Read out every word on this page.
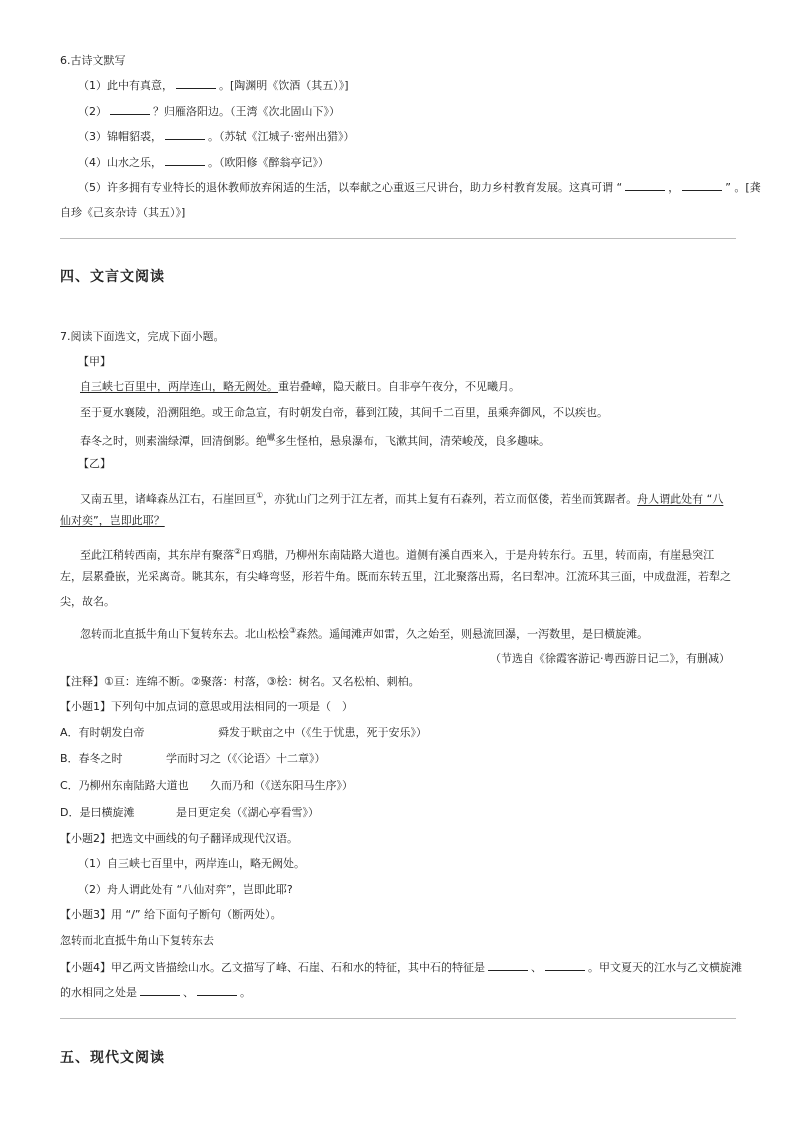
6.古诗文默写
（1）此中有真意，	。[陶渊明《饮酒（其五）》]
（2）	？归雁洛阳边。（王湾《次北固山下》）
（3）锦帽貂裘，	。（苏轼《江城子·密州出猎》）
（4）山水之乐，	。（欧阳修《醉翁亭记》）
（5）许多拥有专业特长的退休教师放弃闲适的生活，以奉献之心重返三尺讲台，助力乡村教育发展。这真可谓 “	，	” 。[龚
自珍《己亥杂诗（其五）》]
四、文言文阅读
7.阅读下面选文，完成下面小题。
【甲】
自三峡七百里中，两岸连山，略无阙处。重岩叠嶂，隐天蔽日。自非亭午夜分，不见曦月。
至于夏水襄陵，沿溯阻绝。或王命急宣，有时朝发白帝，暮到江陵，其间千二百里，虽乘奔御风，不以疾也。
春冬之时，则素湍绿潭，回清倒影。绝$^𪩘$多生怪柏，悬泉瀑布，飞漱其间，清荣峻茂，良多趣味。
【乙】
又南五里，诸峰森丛江右，石崖回亘①，亦犹山门之列于江左者，而其上复有石森列，若立而伛偻，若坐而箕踞者。舟人谓此处有 “八
仙对奕”，岂即此耶？
至此江稍转西南，其东岸有聚落②日鸡腊，乃柳州东南陆路大道也。道侧有溪自西来入，于是舟转东行。五里，转而南，有崖悬突江
左，层累叠嵌，光采离奇。眺其东，有尖峰弯竖，形若牛角。既而东转五里，江北聚落出焉，名曰犁冲。江流环其三面，中成盘涯，若犁之
尖，故名。
忽转而北直抵牛角山下复转东去。北山松桧③森然。遥闻滩声如雷，久之始至，则悬流回瀑，一泻数里，是曰横旋滩。
（节选自《徐霞客游记·粤西游日记二》，有删减）
【注释】①亘：连绵不断。②聚落：村落，③桧：树名。又名松柏、刺柏。
【小题1】下列句中加点词的意思或用法相同的一项是（　）
A．有时朝发白帝	舜发于畎亩之中（《生于忧患，死于安乐》）
B．春冬之时	学而时习之（《〈论语〉十二章》）
C．乃柳州东南陆路大道也 久而乃和（《送东阳马生序》）
D．是曰横旋滩	是日更定矣（《湖心亭看雪》）
【小题2】把选文中画线的句子翻译成现代汉语。
（1）自三峡七百里中，两岸连山，略无阙处。
（2）舟人谓此处有 “八仙对弈”，岂即此耶?
【小题3】用 “/” 给下面句子断句（断两处）。
忽转而北直抵牛角山下复转东去
【小题4】甲乙两文皆描绘山水。乙文描写了峰、石崖、石和水的特征，其中石的特征是	、	。甲文夏天的江水与乙文横旋滩
的水相同之处是	、	。
五、现代文阅读
